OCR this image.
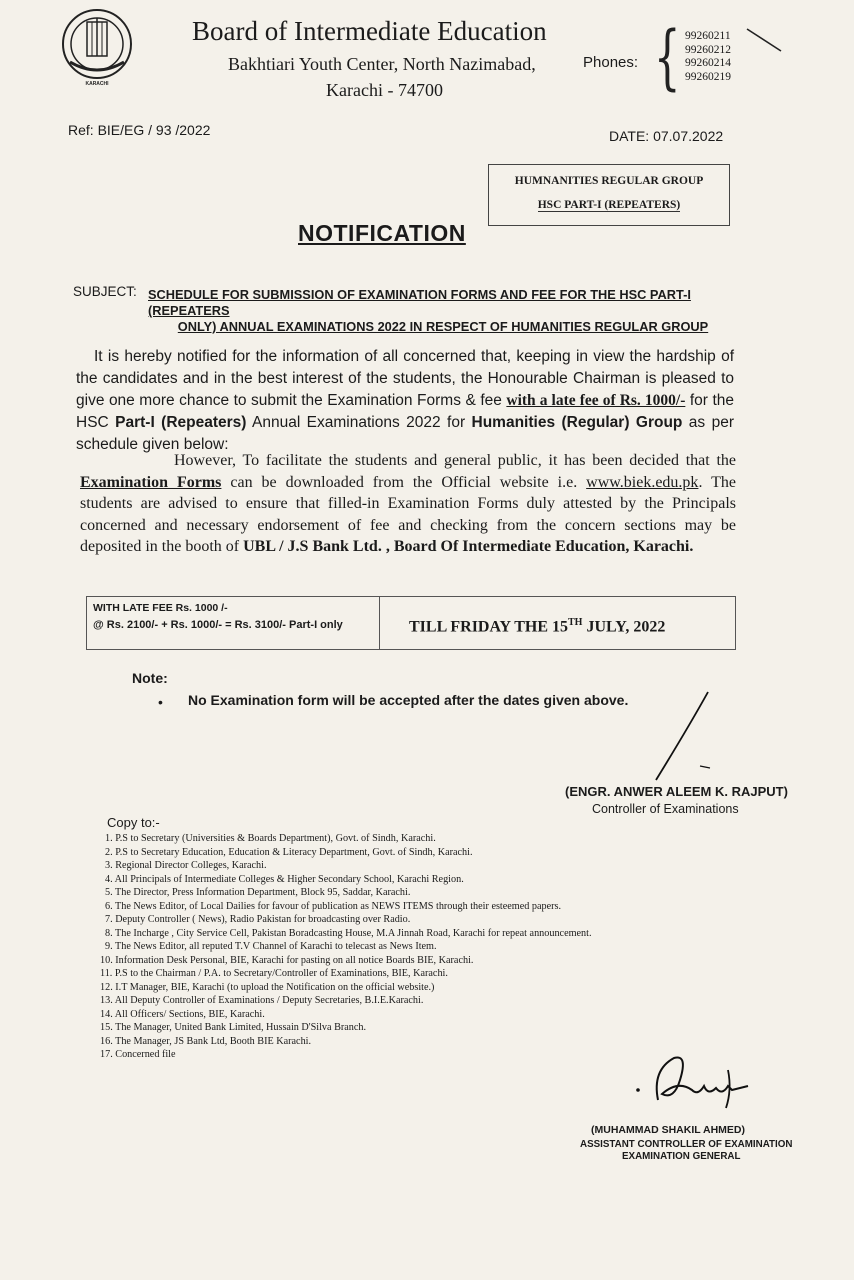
KARACHI
Board of Intermediate Education
Bakhtiari Youth Center, North Nazimabad,
Karachi - 74700
Phones: { 99260211
99260212
99260214
99260219
Ref: BIE/EG / 93 /2022	DATE: 07.07.2022
HUMNANITIES REGULAR GROUP
HSC PART-I (REPEATERS)
NOTIFICATION
SUBJECT: SCHEDULE FOR SUBMISSION OF EXAMINATION FORMS AND FEE FOR THE HSC PART-I (REPEATERS
ONLY) ANNUAL EXAMINATIONS 2022 IN RESPECT OF HUMANITIES REGULAR GROUP
It is hereby notified for the information of all concerned that, keeping in view the hardship of the candidates and in the best interest of the students, the Honourable Chairman is pleased to give one more chance to submit the Examination Forms & fee with a late fee of Rs. 1000/- for the HSC Part-I (Repeaters) Annual Examinations 2022 for Humanities (Regular) Group as per schedule given below:
However, To facilitate the students and general public, it has been decided that the Examination Forms can be downloaded from the Official website i.e. www.biek.edu.pk. The students are advised to ensure that filled-in Examination Forms duly attested by the Principals concerned and necessary endorsement of fee and checking from the concern sections may be deposited in the booth of UBL / J.S Bank Ltd. , Board Of Intermediate Education, Karachi.
WITH LATE FEE Rs. 1000 /-
@ Rs. 2100/- + Rs. 1000/- = Rs. 3100/- Part-I only	TILL FRIDAY THE 15TH JULY, 2022
Note:
• No Examination form will be accepted after the dates given above.
(ENGR. ANWER ALEEM K. RAJPUT)
Controller of Examinations
Copy to:-
1. P.S to Secretary (Universities & Boards Department), Govt. of Sindh, Karachi.
2. P.S to Secretary Education, Education & Literacy Department, Govt. of Sindh, Karachi.
3. Regional Director Colleges, Karachi.
4. All Principals of Intermediate Colleges & Higher Secondary School, Karachi Region.
5. The Director, Press Information Department, Block 95, Saddar, Karachi.
6. The News Editor, of Local Dailies for favour of publication as NEWS ITEMS through their esteemed papers.
7. Deputy Controller ( News), Radio Pakistan for broadcasting over Radio.
8. The Incharge , City Service Cell, Pakistan Boradcasting House, M.A Jinnah Road, Karachi for repeat announcement.
9. The News Editor, all reputed T.V Channel of Karachi to telecast as News Item.
10. Information Desk Personal, BIE, Karachi for pasting on all notice Boards BIE, Karachi.
11. P.S to the Chairman / P.A. to Secretary/Controller of Examinations, BIE, Karachi.
12. I.T Manager, BIE, Karachi (to upload the Notification on the official website.)
13. All Deputy Controller of Examinations / Deputy Secretaries, B.I.E.Karachi.
14. All Officers/ Sections, BIE, Karachi.
15. The Manager, United Bank Limited, Hussain D'Silva Branch.
16. The Manager, JS Bank Ltd, Booth BIE Karachi.
17. Concerned file
(MUHAMMAD SHAKIL AHMED)
ASSISTANT CONTROLLER OF EXAMINATION
EXAMINATION GENERAL
